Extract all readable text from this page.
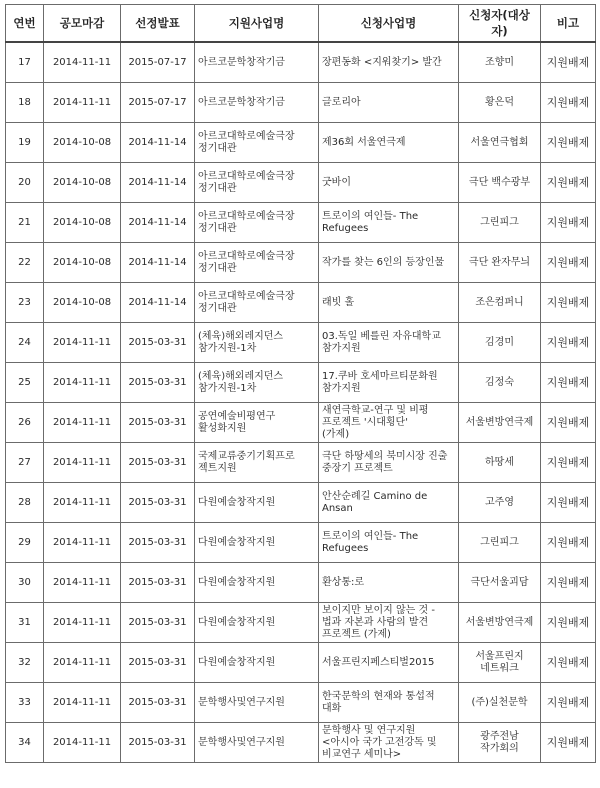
연번	공모마감	선정발표	지원사업명	신청사업명	신청자(대상자)	비고
17	2014-11-11	2015-07-17	아르코문학창작기금	장편동화 <지워찾기> 발간	조향미	지원배제
18	2014-11-11	2015-07-17	아르코문학창작기금	글로리아	황은덕	지원배제
19	2014-10-08	2014-11-14	아르코대학로예술극장
정기대관	제36회 서울연극제	서울연극협회	지원배제
20	2014-10-08	2014-11-14	아르코대학로예술극장
정기대관	굿바이	극단 백수광부	지원배제
21	2014-10-08	2014-11-14	아르코대학로예술극장
정기대관	트로이의 여인들- The
Refugees	그린피그	지원배제
22	2014-10-08	2014-11-14	아르코대학로예술극장
정기대관	작가를 찾는 6인의 등장인물	극단 완자무늬	지원배제
23	2014-10-08	2014-11-14	아르코대학로예술극장
정기대관	래빗 홀	조은컴퍼니	지원배제
24	2014-11-11	2015-03-31	(체육)해외레지던스
참가지원-1차	03.독일 베를린 자유대학교
참가지원	김경미	지원배제
25	2014-11-11	2015-03-31	(체육)해외레지던스
참가지원-1차	17.쿠바 호세마르티문화원
참가지원	김정숙	지원배제
26	2014-11-11	2015-03-31	공연예술비평연구
활성화지원	새연극학교-연구 및 비평
프로젝트 '시대횡단'
(가제)	서울변방연극제	지원배제
27	2014-11-11	2015-03-31	국제교류중기기획프로
젝트지원	극단 하땅세의 북미시장 진출
중장기 프로젝트	하땅세	지원배제
28	2014-11-11	2015-03-31	다원예술창작지원	안산순례길 Camino de Ansan	고주영	지원배제
29	2014-11-11	2015-03-31	다원예술창작지원	트로이의 여인들- The
Refugees	그린피그	지원배제
30	2014-11-11	2015-03-31	다원예술창작지원	환상통:로	극단서울괴담	지원배제
31	2014-11-11	2015-03-31	다원예술창작지원	보이지만 보이지 않는 것 -
법과 자본과 사람의 발견
프로젝트 (가제)	서울변방연극제	지원배제
32	2014-11-11	2015-03-31	다원예술창작지원	서울프린지페스티벌2015	서울프린지
네트워크	지원배제
33	2014-11-11	2015-03-31	문학행사및연구지원	한국문학의 현재와 통섭적
대화	(주)실천문학	지원배제
34	2014-11-11	2015-03-31	문학행사및연구지원	문학행사 및 연구지원
<아시아 국가 고전강독 및
비교연구 세미나>	광주전남
작가회의	지원배제
